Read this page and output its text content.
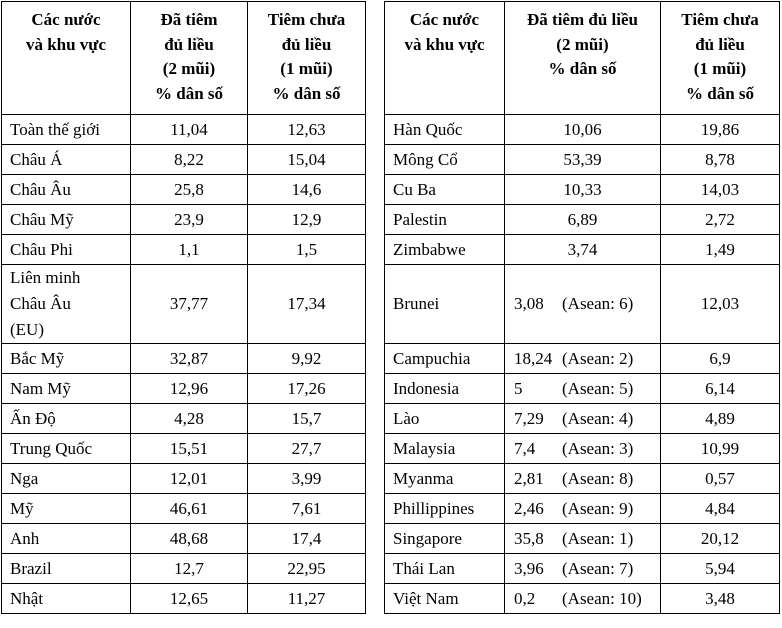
Các nước
và khu vực	Đã tiêm
đủ liều
(2 mũi)
% dân số	Tiêm chưa
đủ liều
(1 mũi)
% dân số

Toàn thế giới	11,04	12,63
Châu Á	8,22	15,04
Châu Âu	25,8	14,6
Châu Mỹ	23,9	12,9
Châu Phi	1,1	1,5

Liên minh
Châu Âu
(EU)	37,77	17,34
Bắc Mỹ	32,87	9,92
Nam Mỹ	12,96	17,26
Ấn Độ	4,28	15,7
Trung Quốc	15,51	27,7
Nga	12,01	3,99
Mỹ	46,61	7,61
Anh	48,68	17,4
Brazil	12,7	22,95
Nhật	12,65	11,27
Các nước
và khu vực	Đã tiêm đủ liều
(2 mũi)
% dân số	Tiêm chưa
đủ liều
(1 mũi)
% dân số

Hàn Quốc	10,06	19,86
Mông Cổ	53,39	8,78
Cu Ba	10,33	14,03
Palestin	6,89	2,72
Zimbabwe	3,74	1,49
Brunei	3,08 (Asean: 6)	12,03
Campuchia	18,24 (Asean: 2)	6,9
Indonesia	5 (Asean: 5)	6,14
Lào	7,29 (Asean: 4)	4,89
Malaysia	7,4 (Asean: 3)	10,99
Myanma	2,81 (Asean: 8)	0,57
Phillippines	2,46 (Asean: 9)	4,84
Singapore	35,8 (Asean: 1)	20,12
Thái Lan	3,96 (Asean: 7)	5,94
Việt Nam	0,2 (Asean: 10)	3,48
